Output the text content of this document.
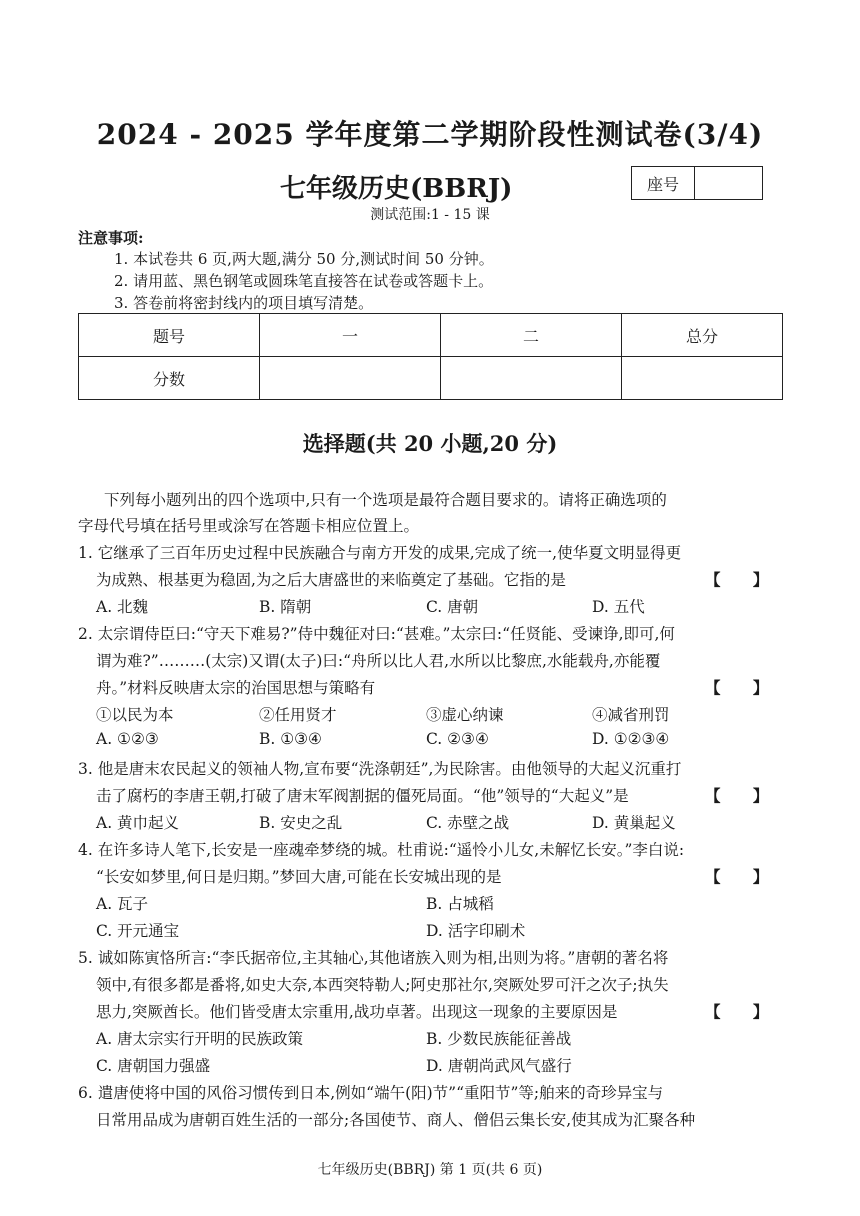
2024 - 2025 学年度第二学期阶段性测试卷(3/4)
七年级历史(BBRJ)	座号
测试范围:1 - 15 课
注意事项:
1. 本试卷共 6 页,两大题,满分 50 分,测试时间 50 分钟。
2. 请用蓝、黑色钢笔或圆珠笔直接答在试卷或答题卡上。
3. 答卷前将密封线内的项目填写清楚。
题号	一	二	总分
分数			
选择题(共 20 小题,20 分)
下列每小题列出的四个选项中,只有一个选项是最符合题目要求的。请将正确选项的
字母代号填在括号里或涂写在答题卡相应位置上。
1. 它继承了三百年历史过程中民族融合与南方开发的成果,完成了统一,使华夏文明显得更
为成熟、根基更为稳固,为之后大唐盛世的来临奠定了基础。它指的是	【      】
A. 北魏	B. 隋朝	C. 唐朝	D. 五代
2. 太宗谓侍臣曰:“守天下难易?”侍中魏征对曰:“甚难。”太宗曰:“任贤能、受谏诤,即可,何
谓为难?”………(太宗)又谓(太子)曰:“舟所以比人君,水所以比黎庶,水能载舟,亦能覆
舟。”材料反映唐太宗的治国思想与策略有	【      】
①以民为本	②任用贤才	③虚心纳谏	④减省刑罚
A. ①②③	B. ①③④	C. ②③④	D. ①②③④
3. 他是唐末农民起义的领袖人物,宣布要“洗涤朝廷”,为民除害。由他领导的大起义沉重打
击了腐朽的李唐王朝,打破了唐末军阀割据的僵死局面。“他”领导的“大起义”是	【      】
A. 黄巾起义	B. 安史之乱	C. 赤壁之战	D. 黄巢起义
4. 在许多诗人笔下,长安是一座魂牵梦绕的城。杜甫说:“遥怜小儿女,未解忆长安。”李白说:
“长安如梦里,何日是归期。”梦回大唐,可能在长安城出现的是	【      】
A. 瓦子	B. 占城稻
C. 开元通宝	D. 活字印刷术
5. 诚如陈寅恪所言:“李氏据帝位,主其轴心,其他诸族入则为相,出则为将。”唐朝的著名将
领中,有很多都是番将,如史大奈,本西突特勒人;阿史那社尔,突厥处罗可汗之次子;执失
思力,突厥酋长。他们皆受唐太宗重用,战功卓著。出现这一现象的主要原因是	【      】
A. 唐太宗实行开明的民族政策	B. 少数民族能征善战
C. 唐朝国力强盛	D. 唐朝尚武风气盛行
6. 遣唐使将中国的风俗习惯传到日本,例如“端午(阳)节”“重阳节”等;舶来的奇珍异宝与
日常用品成为唐朝百姓生活的一部分;各国使节、商人、僧侣云集长安,使其成为汇聚各种
七年级历史(BBRJ) 第 1 页(共 6 页)
